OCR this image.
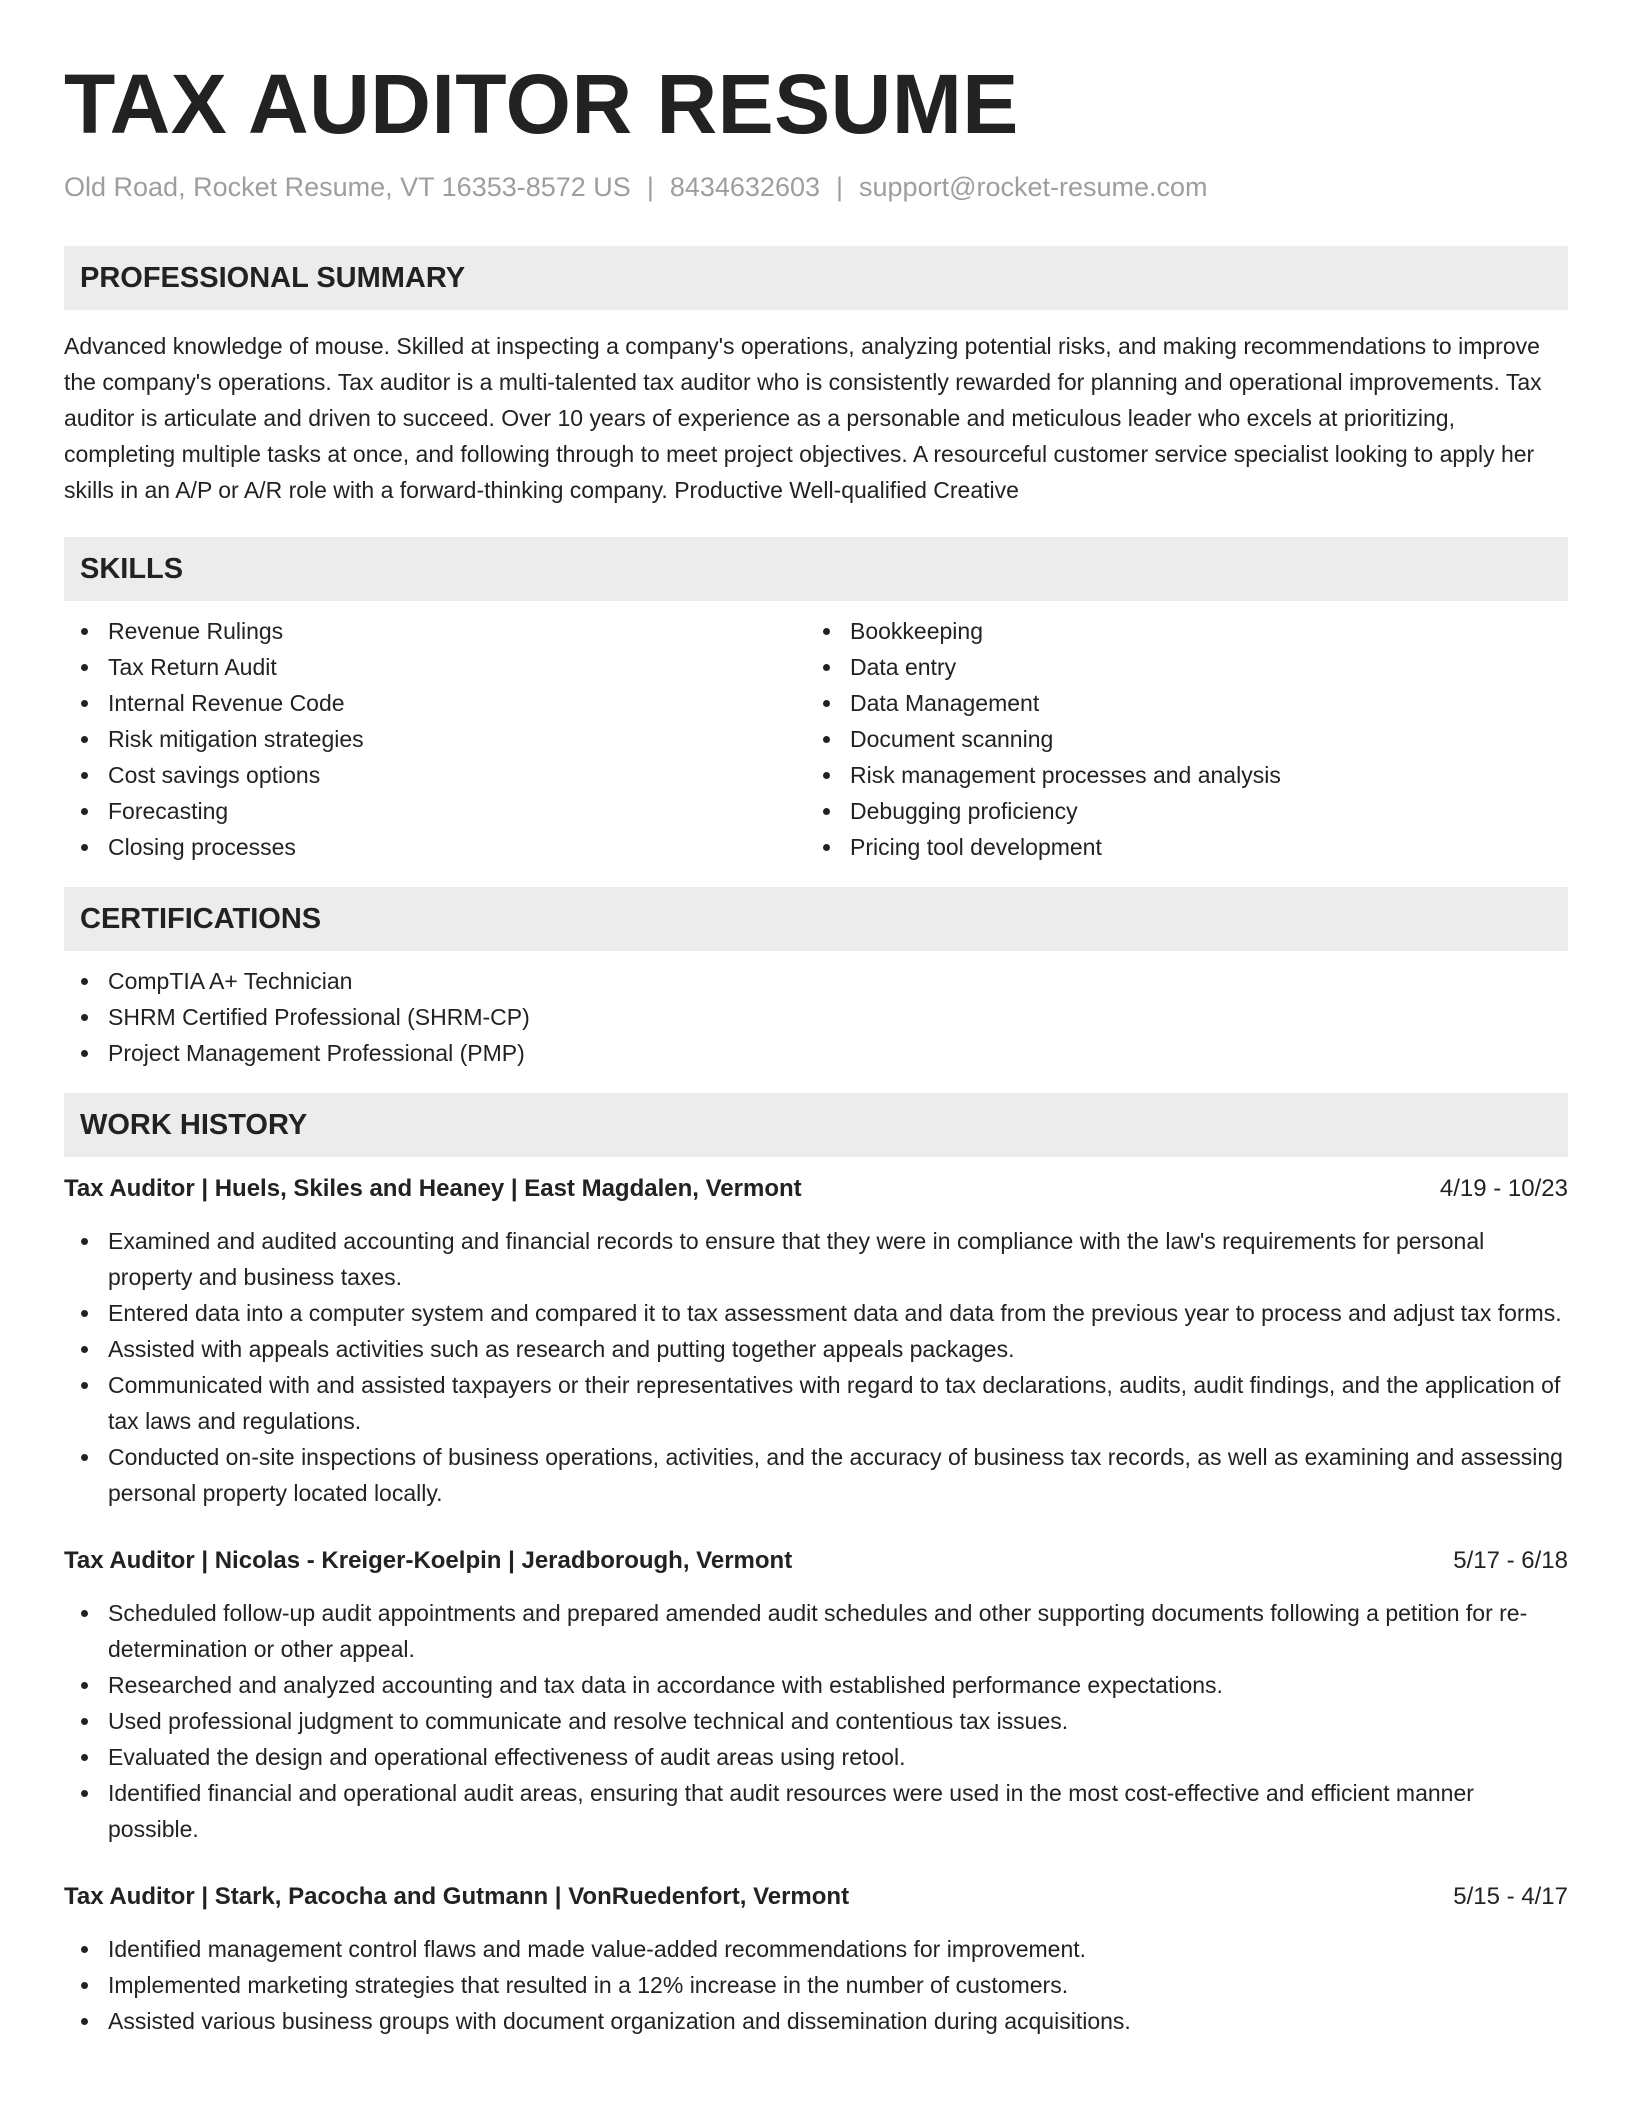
TAX AUDITOR RESUME
Old Road, Rocket Resume, VT 16353-8572 US | 8434632603 | support@rocket-resume.com
PROFESSIONAL SUMMARY

Advanced knowledge of mouse. Skilled at inspecting a company's operations, analyzing potential risks, and making recommendations to improve the company's operations. Tax auditor is a multi-talented tax auditor who is consistently rewarded for planning and operational improvements. Tax auditor is articulate and driven to succeed. Over 10 years of experience as a personable and meticulous leader who excels at prioritizing, completing multiple tasks at once, and following through to meet project objectives. A resourceful customer service specialist looking to apply her skills in an A/P or A/R role with a forward-thinking company. Productive Well-qualified Creative

SKILLS
Revenue Rulings
Tax Return Audit
Internal Revenue Code
Risk mitigation strategies
Cost savings options
Forecasting
Closing processes
Bookkeeping
Data entry
Data Management
Document scanning
Risk management processes and analysis
Debugging proficiency
Pricing tool development
CERTIFICATIONS
CompTIA A+ Technician
SHRM Certified Professional (SHRM-CP)
Project Management Professional (PMP)
WORK HISTORY
Tax Auditor | Huels, Skiles and Heaney | East Magdalen, Vermont	4/19 - 10/23
Examined and audited accounting and financial records to ensure that they were in compliance with the law's requirements for personal property and business taxes.
Entered data into a computer system and compared it to tax assessment data and data from the previous year to process and adjust tax forms.
Assisted with appeals activities such as research and putting together appeals packages.
Communicated with and assisted taxpayers or their representatives with regard to tax declarations, audits, audit findings, and the application of tax laws and regulations.
Conducted on-site inspections of business operations, activities, and the accuracy of business tax records, as well as examining and assessing personal property located locally.
Tax Auditor | Nicolas - Kreiger-Koelpin | Jeradborough, Vermont	5/17 - 6/18
Scheduled follow-up audit appointments and prepared amended audit schedules and other supporting documents following a petition for re-determination or other appeal.
Researched and analyzed accounting and tax data in accordance with established performance expectations.
Used professional judgment to communicate and resolve technical and contentious tax issues.
Evaluated the design and operational effectiveness of audit areas using retool.
Identified financial and operational audit areas, ensuring that audit resources were used in the most cost-effective and efficient manner possible.
Tax Auditor | Stark, Pacocha and Gutmann | VonRuedenfort, Vermont	5/15 - 4/17
Identified management control flaws and made value-added recommendations for improvement.
Implemented marketing strategies that resulted in a 12% increase in the number of customers.
Assisted various business groups with document organization and dissemination during acquisitions.
